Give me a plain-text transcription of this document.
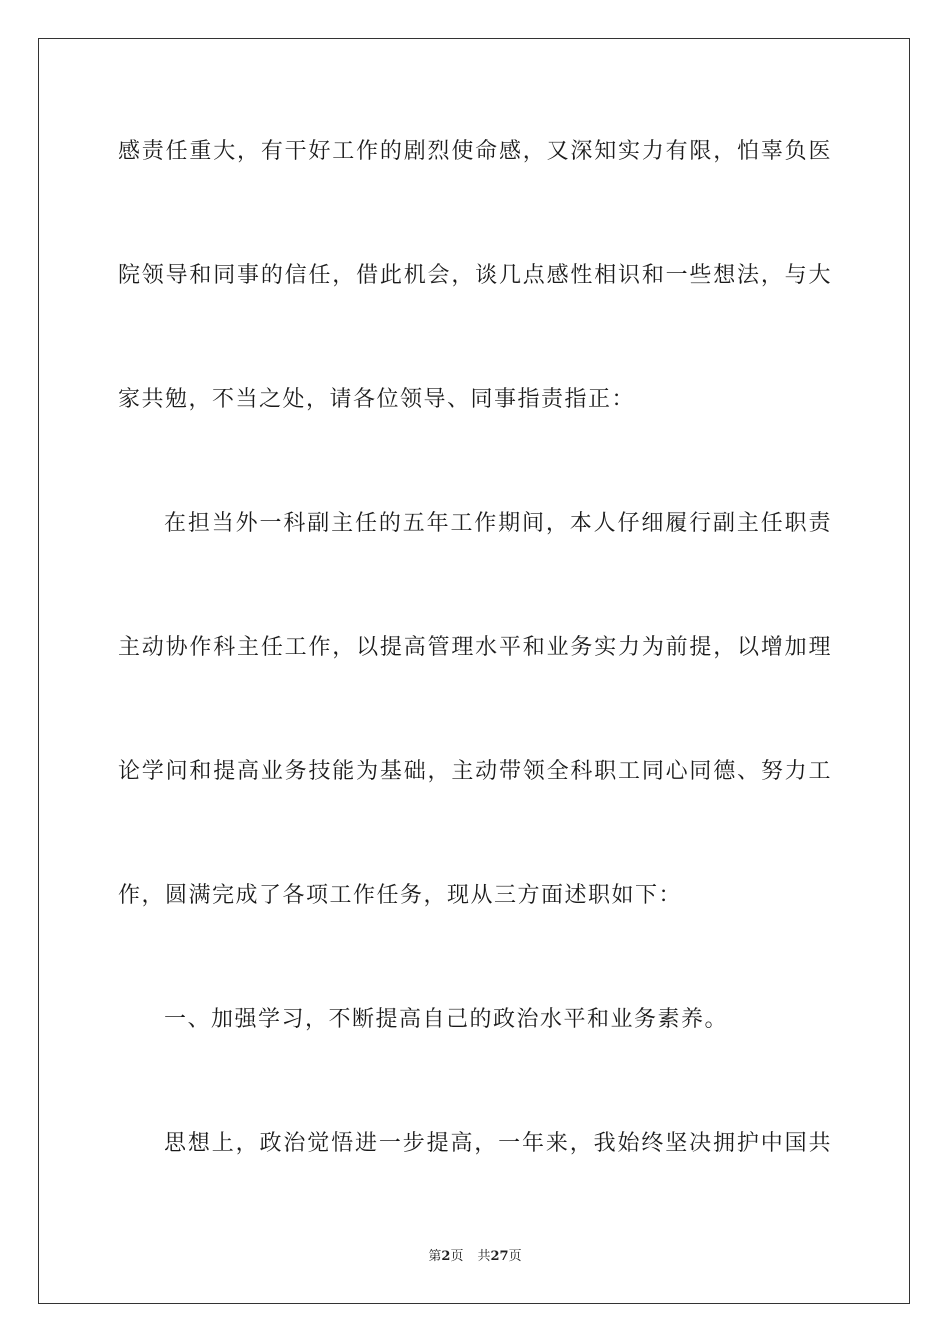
感责任重大，有干好工作的剧烈使命感，又深知实力有限，怕辜负医
院领导和同事的信任，借此机会，谈几点感性相识和一些想法，与大
家共勉，不当之处，请各位领导、同事指责指正：
在担当外一科副主任的五年工作期间，本人仔细履行副主任职责
主动协作科主任工作，以提高管理水平和业务实力为前提，以增加理
论学问和提高业务技能为基础，主动带领全科职工同心同德、努力工
作，圆满完成了各项工作任务，现从三方面述职如下：
一、加强学习，不断提高自己的政治水平和业务素养。
思想上，政治觉悟进一步提高，一年来，我始终坚决拥护中国共
第2页 共27页
